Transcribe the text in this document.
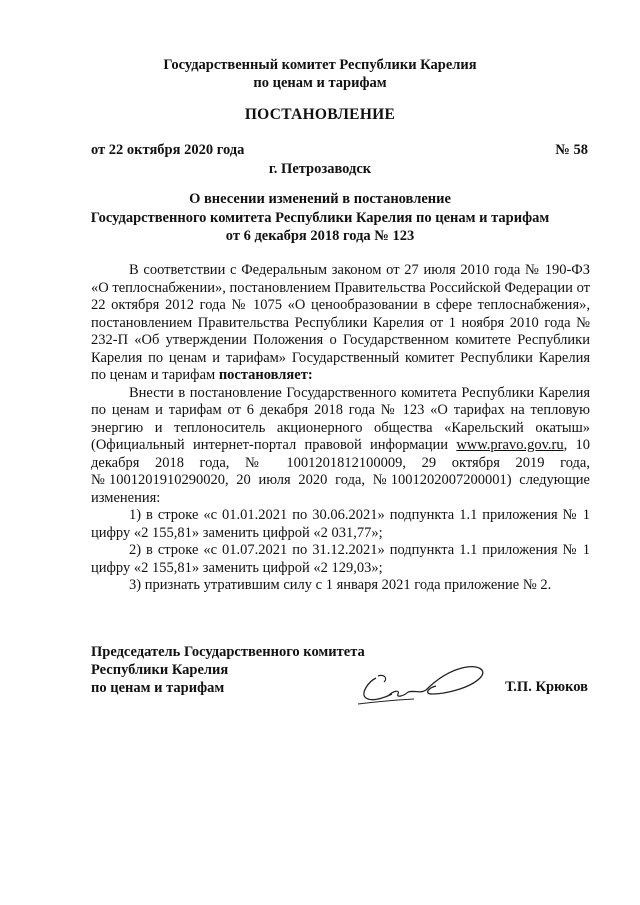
Государственный комитет Республики Карелия
по ценам и тарифам
ПОСТАНОВЛЕНИЕ
от 22 октября 2020 года	№ 58
г. Петрозаводск
О внесении изменений в постановление
Государственного комитета Республики Карелия по ценам и тарифам
от 6 декабря 2018 года № 123

В соответствии с Федеральным законом от 27 июля 2010 года № 190-ФЗ «О теплоснабжении», постановлением Правительства Российской Федерации от 22 октября 2012 года № 1075 «О ценообразовании в сфере теплоснабжения», постановлением Правительства Республики Карелия от 1 ноября 2010 года № 232-П «Об утверждении Положения о Государственном комитете Республики Карелия по ценам и тарифам» Государственный комитет Республики Карелия по ценам и тарифам постановляет:

Внести в постановление Государственного комитета Республики Карелия по ценам и тарифам от 6 декабря 2018 года № 123 «О тарифах на тепловую энергию и теплоноситель акционерного общества «Карельский окатыш» (Официальный интернет-портал правовой информации www.pravo.gov.ru, 10 декабря 2018 года, № 1001201812100009, 29 октября 2019 года, №1001201910290020, 20 июля 2020 года, №1001202007200001) следующие изменения:

1) в строке «с 01.01.2021 по 30.06.2021» подпункта 1.1 приложения № 1 цифру «2 155,81» заменить цифрой «2 031,77»;

2) в строке «с 01.07.2021 по 31.12.2021» подпункта 1.1 приложения № 1 цифру «2 155,81» заменить цифрой «2 129,03»;

3) признать утратившим силу с 1 января 2021 года приложение № 2.

Председатель Государственного комитета
Республики Карелия
по ценам и тарифам	Т.П. Крюков
